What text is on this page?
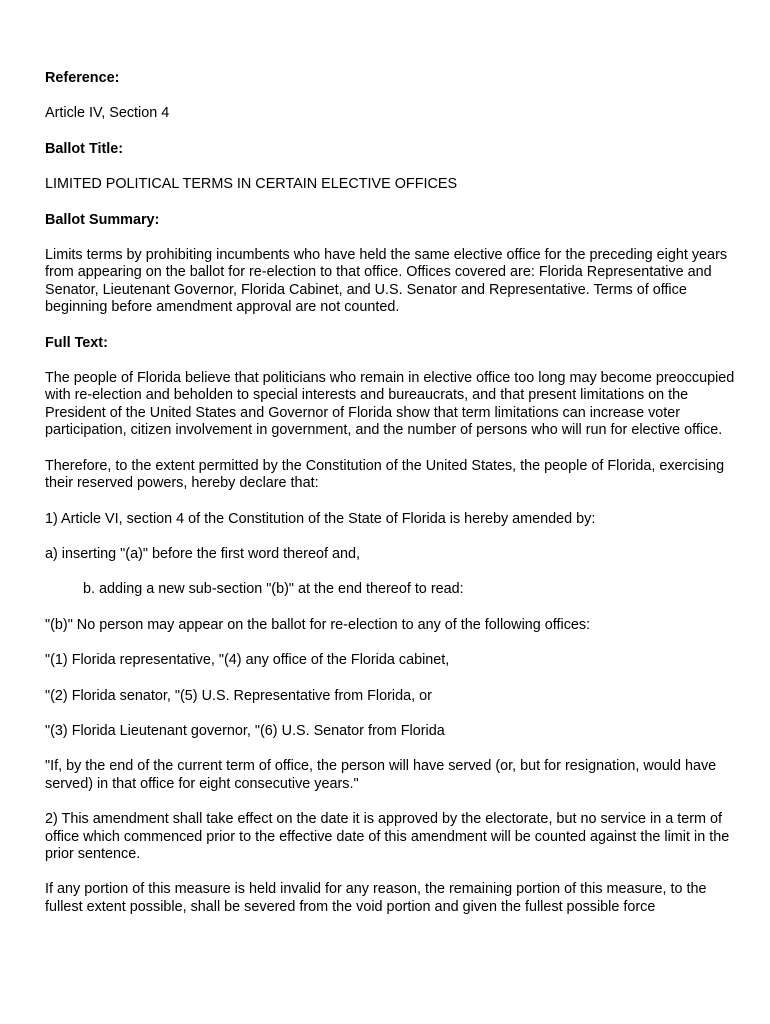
Reference:

Article IV, Section 4

Ballot Title:

LIMITED POLITICAL TERMS IN CERTAIN ELECTIVE OFFICES

Ballot Summary:

Limits terms by prohibiting incumbents who have held the same elective office for the preceding eight years from appearing on the ballot for re-election to that office. Offices covered are: Florida Representative and Senator, Lieutenant Governor, Florida Cabinet, and U.S. Senator and Representative. Terms of office beginning before amendment approval are not counted.

Full Text:

The people of Florida believe that politicians who remain in elective office too long may become preoccupied with re-election and beholden to special interests and bureaucrats, and that present limitations on the President of the United States and Governor of Florida show that term limitations can increase voter participation, citizen involvement in government, and the number of persons who will run for elective office.

Therefore, to the extent permitted by the Constitution of the United States, the people of Florida, exercising their reserved powers, hereby declare that:

1) Article VI, section 4 of the Constitution of the State of Florida is hereby amended by:

a) inserting "(a)" before the first word thereof and,

b. adding a new sub-section "(b)" at the end thereof to read:

"(b)" No person may appear on the ballot for re-election to any of the following offices:

"(1) Florida representative, "(4) any office of the Florida cabinet,

"(2) Florida senator, "(5) U.S. Representative from Florida, or

"(3) Florida Lieutenant governor, "(6) U.S. Senator from Florida

"If, by the end of the current term of office, the person will have served (or, but for resignation, would have served) in that office for eight consecutive years."

2) This amendment shall take effect on the date it is approved by the electorate, but no service in a term of office which commenced prior to the effective date of this amendment will be counted against the limit in the prior sentence.

If any portion of this measure is held invalid for any reason, the remaining portion of this measure, to the fullest extent possible, shall be severed from the void portion and given the fullest possible force
